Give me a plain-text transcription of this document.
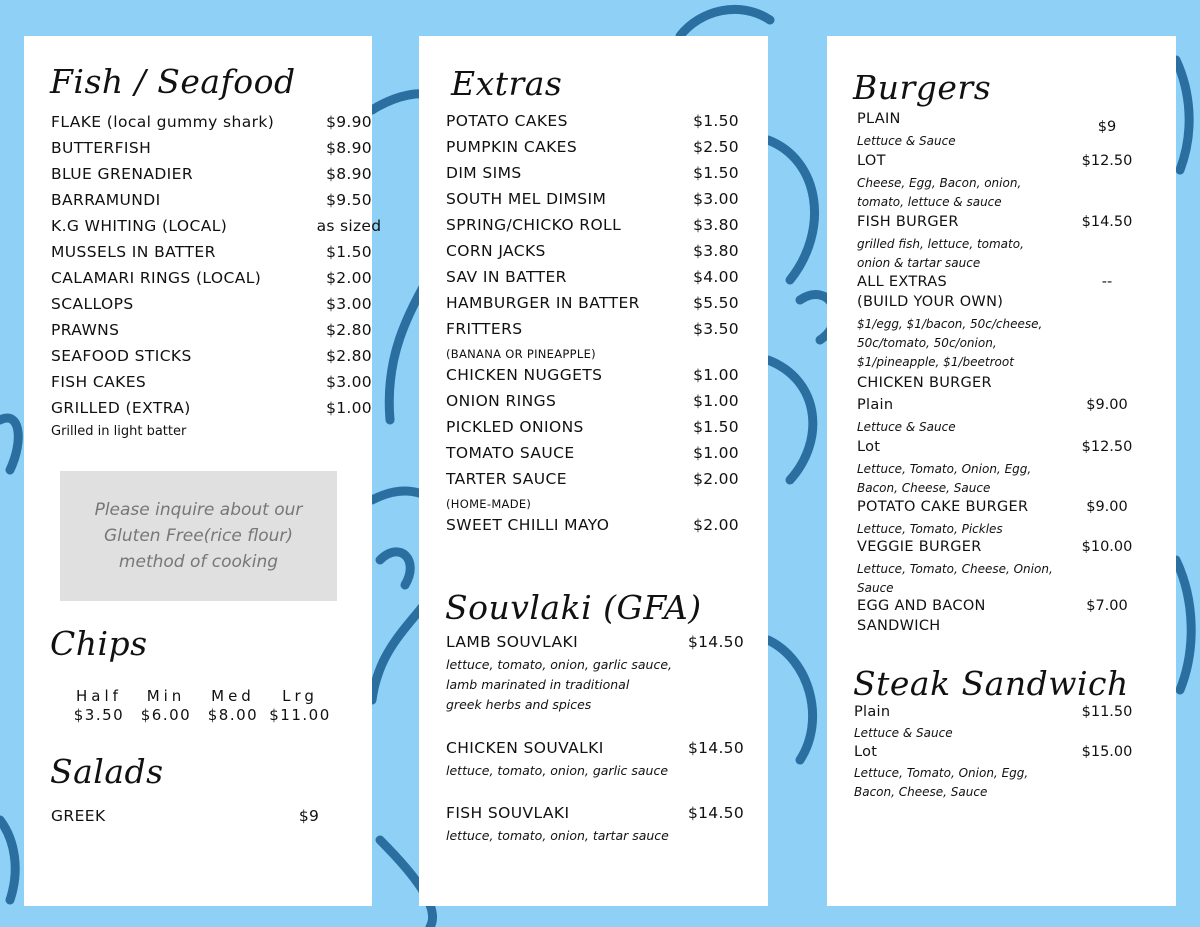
Fish / Seafood
FLAKE (local gummy shark)	$9.90
BUTTERFISH	$8.90
BLUE GRENADIER	$8.90
BARRAMUNDI	$9.50
K.G WHITING (LOCAL)	as sized
MUSSELS IN BATTER	$1.50
CALAMARI RINGS (LOCAL)	$2.00
SCALLOPS	$3.00
PRAWNS	$2.80
SEAFOOD STICKS	$2.80
FISH CAKES	$3.00
GRILLED (EXTRA)	$1.00
Grilled in light batter
Please inquire about our
Gluten Free(rice flour)
method of cooking
Chips
Half	Min	Med	Lrg
$3.50	$6.00	$8.00 $11.00
Salads
GREEK	$9
Extras
POTATO CAKES	$1.50
PUMPKIN CAKES	$2.50
DIM SIMS	$1.50
SOUTH MEL DIMSIM	$3.00
SPRING/CHICKO ROLL	$3.80
CORN JACKS	$3.80
SAV IN BATTER	$4.00
HAMBURGER IN BATTER	$5.50
FRITTERS	$3.50
(BANANA OR PINEAPPLE)
CHICKEN NUGGETS	$1.00
ONION RINGS	$1.00
PICKLED ONIONS	$1.50
TOMATO SAUCE	$1.00
TARTER SAUCE	$2.00
(HOME-MADE)
SWEET CHILLI MAYO	$2.00
Souvlaki (GFA)
LAMB SOUVLAKI	$14.50
lettuce, tomato, onion, garlic sauce,
lamb marinated in traditional
greek herbs and spices
CHICKEN SOUVALKI	$14.50
lettuce, tomato, onion, garlic sauce
FISH SOUVLAKI	$14.50
lettuce, tomato, onion, tartar sauce
Burgers
PLAIN	$9
Lettuce & Sauce
LOT	$12.50
Cheese, Egg, Bacon, onion,
tomato, lettuce & sauce
FISH BURGER	$14.50
grilled fish, lettuce, tomato,
onion & tartar sauce
ALL EXTRAS	--
(BUILD YOUR OWN)
$1/egg, $1/bacon, 50c/cheese,
50c/tomato, 50c/onion,
$1/pineapple, $1/beetroot
CHICKEN BURGER
Plain	$9.00
Lettuce & Sauce
Lot	$12.50
Lettuce, Tomato, Onion, Egg,
Bacon, Cheese, Sauce
POTATO CAKE BURGER	$9.00
Lettuce, Tomato, Pickles
VEGGIE BURGER	$10.00
Lettuce, Tomato, Cheese, Onion,
Sauce
EGG AND BACON	$7.00
SANDWICH
Steak Sandwich
Plain	$11.50
Lettuce & Sauce
Lot	$15.00
Lettuce, Tomato, Onion, Egg,
Bacon, Cheese, Sauce
